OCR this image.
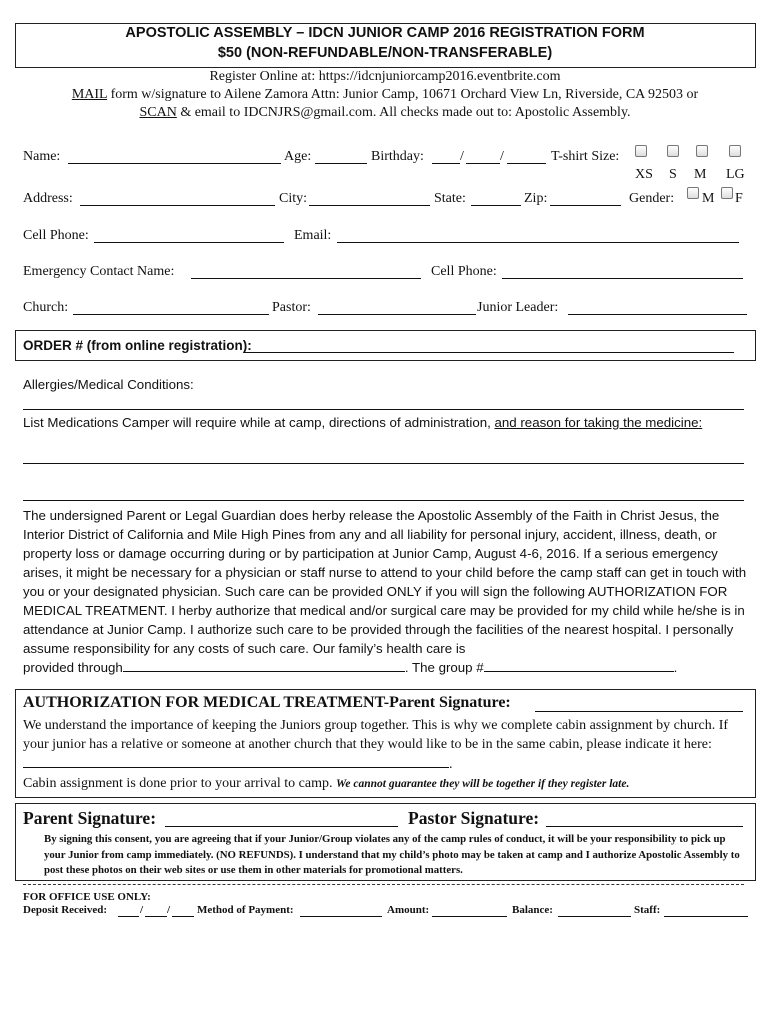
APOSTOLIC ASSEMBLY – IDCN JUNIOR CAMP 2016 REGISTRATION FORM
$50 (NON-REFUNDABLE/NON-TRANSFERABLE)
Register Online at: https://idcnjuniorcamp2016.eventbrite.com
MAIL form w/signature to Ailene Zamora Attn: Junior Camp, 10671 Orchard View Ln, Riverside, CA 92503 or
SCAN & email to IDCNJRS@gmail.com. All checks made out to: Apostolic Assembly.
Name:	Age:	Birthday:	/	/	T-shirt Size:
XS S M LG
Address:	City:	State:	Zip:	Gender: M F
Cell Phone:	Email:
Emergency Contact Name:	Cell Phone:
Church:	Pastor:	Junior Leader:
ORDER # (from online registration):
Allergies/Medical Conditions:
List Medications Camper will require while at camp, directions of administration, and reason for taking the medicine:

The undersigned Parent or Legal Guardian does herby release the Apostolic Assembly of the Faith in Christ Jesus, the Interior District of California and Mile High Pines from any and all liability for personal injury, accident, illness, death, or property loss or damage occurring during or by participation at Junior Camp, August 4-6, 2016. If a serious emergency arises, it might be necessary for a physician or staff nurse to attend to your child before the camp staff can get in touch with you or your designated physician. Such care can be provided ONLY if you will sign the following AUTHORIZATION FOR MEDICAL TREATMENT. I herby authorize that medical and/or surgical care may be provided for my child while he/she is in attendance at Junior Camp. I authorize such care to be provided through the facilities of the nearest hospital. I personally assume responsibility for any costs of such care. Our family’s health care is
provided through	. The group #	.

AUTHORIZATION FOR MEDICAL TREATMENT-Parent Signature:

We understand the importance of keeping the Juniors group together. This is why we complete cabin assignment by church. If your junior has a relative or someone at another church that they would like to be in the same cabin, please indicate it here:.
Cabin assignment is done prior to your arrival to camp. We cannot guarantee they will be together if they register late.

Parent Signature:	Pastor Signature:
By signing this consent, you are agreeing that if your Junior/Group violates any of the camp rules of conduct, it will be your responsibility to pick up your Junior from camp immediately. (NO REFUNDS). I understand that my child’s photo may be taken at camp and I authorize Apostolic Assembly to post these photos on their web sites or use them in other materials for promotional matters.
FOR OFFICE USE ONLY:
Deposit Received:	/ / Method of Payment:	Amount:	Balance:	Staff:
